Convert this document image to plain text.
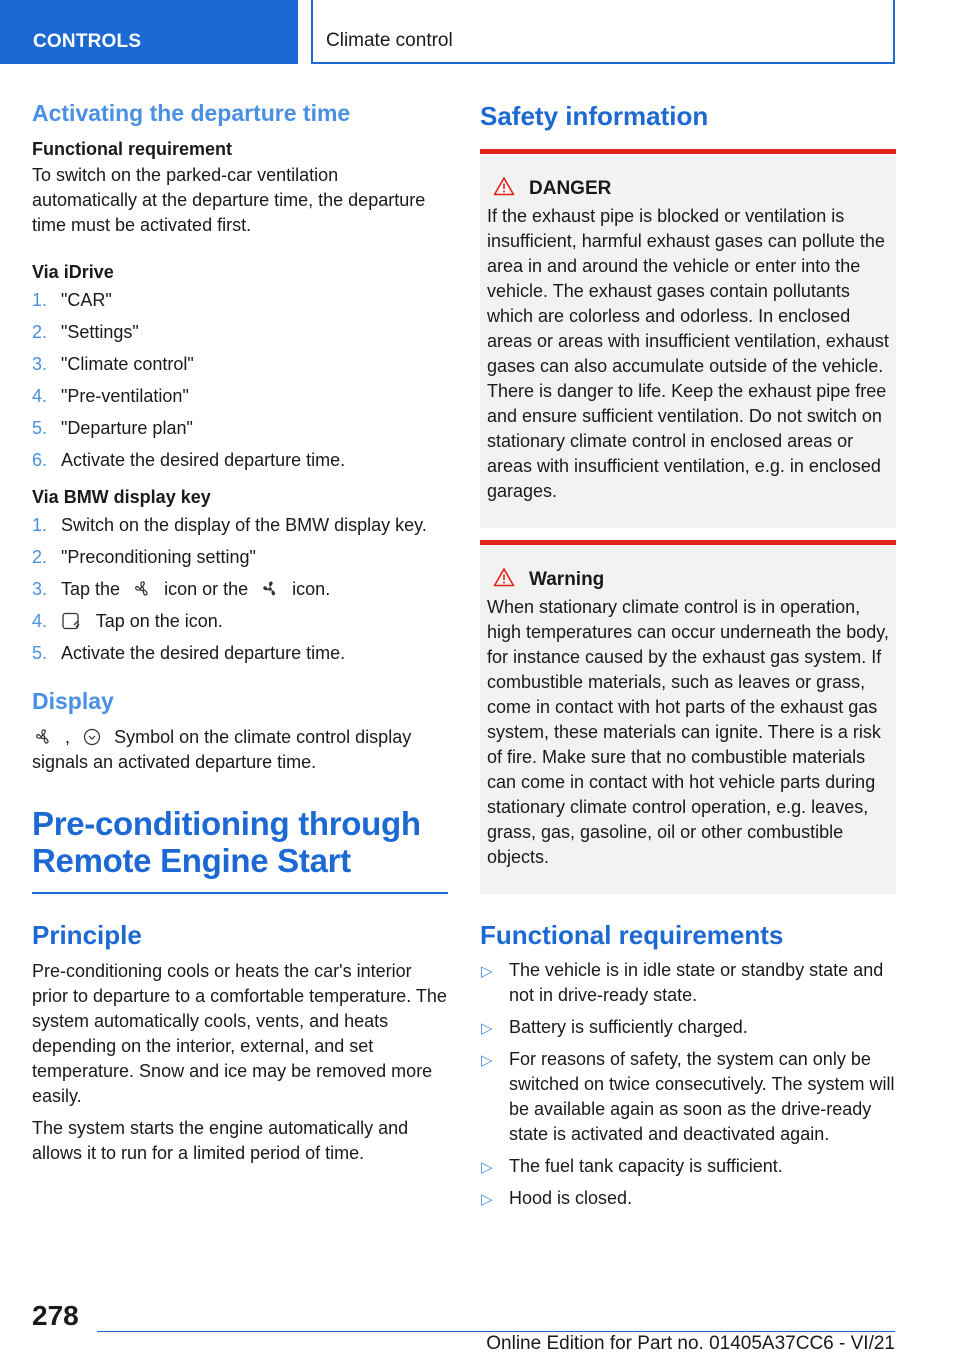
CONTROLS	Climate control
Activating the departure time
Functional requirement

To switch on the parked-car ventilation automatically at the departure time, the departure time must be activated first.

Via iDrive
1. "CAR"
2. "Settings"
3. "Climate control"
4. "Pre-ventilation"
5. "Departure plan"
6. Activate the desired departure time.
Via BMW display key
1. Switch on the display of the BMW display key.
2. "Preconditioning setting"
3. Tap the icon or the icon.
4.	Tap on the icon.
5. Activate the desired departure time.
Display

, Symbol on the climate control display
signals an activated departure time.

Pre-conditioning through Remote Engine Start
Principle

Pre-conditioning cools or heats the car's interior prior to departure to a comfortable temperature. The system automatically cools, vents, and heats depending on the interior, external, and set temperature. Snow and ice may be removed more easily.

The system starts the engine automatically and allows it to run for a limited period of time.

Safety information
DANGER

If the exhaust pipe is blocked or ventilation is insufficient, harmful exhaust gases can pollute the area in and around the vehicle or enter into the vehicle. The exhaust gases contain pollutants which are colorless and odorless. In enclosed areas or areas with insufficient ventilation, exhaust gases can also accumulate outside of the vehicle. There is danger to life. Keep the exhaust pipe free and ensure sufficient ventilation. Do not switch on stationary climate control in enclosed areas or areas with insufficient ventilation, e.g. in enclosed garages.

Warning

When stationary climate control is in operation, high temperatures can occur underneath the body, for instance caused by the exhaust gas system. If combustible materials, such as leaves or grass, come in contact with hot parts of the exhaust gas system, these materials can ignite. There is a risk of fire. Make sure that no combustible materials can come in contact with hot vehicle parts during stationary climate control operation, e.g. leaves, grass, gas, gasoline, oil or other combustible objects.

Functional requirements
▷ The vehicle is in idle state or standby state and not in drive-ready state.
▷ Battery is sufficiently charged.
▷ For reasons of safety, the system can only be switched on twice consecutively. The system will be available again as soon as the drive-ready state is activated and deactivated again.
▷ The fuel tank capacity is sufficient.
▷ Hood is closed.
278
Online Edition for Part no. 01405A37CC6 - VI/21
